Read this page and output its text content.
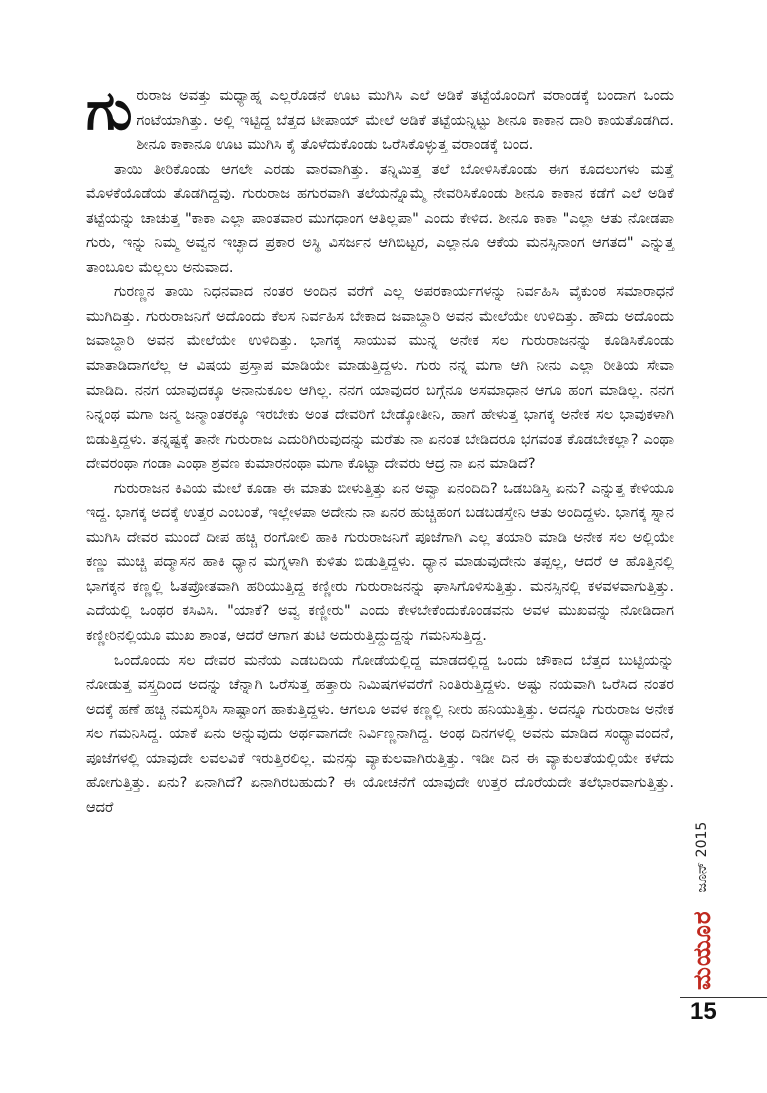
ಗುರುರಾಜ ಅವತ್ತು ಮಧ್ಯಾಹ್ನ ಎಲ್ಲರೊಡನೆ ಊಟ ಮುಗಿಸಿ ಎಲೆ ಅಡಿಕೆ ತಟ್ಟೆಯೊಂದಿಗೆ ವರಾಂಡಕ್ಕೆ ಬಂದಾಗ ಒಂದು ಗಂಟೆಯಾಗಿತ್ತು. ಅಲ್ಲಿ ಇಟ್ಟಿದ್ದ ಬೆತ್ತದ ಟೀಪಾಯ್ ಮೇಲೆ ಅಡಿಕೆ ತಟ್ಟೆಯನ್ನಿಟ್ಟು ಶೀನೂ ಕಾಕಾನ ದಾರಿ ಕಾಯತೊಡಗಿದ. ಶೀನೂ ಕಾಕಾನೂ ಊಟ ಮುಗಿಸಿ ಕೈ ತೊಳೆದುಕೊಂಡು ಒರೆಸಿಕೊಳ್ಳುತ್ತ ವರಾಂಡಕ್ಕೆ ಬಂದ.

ತಾಯಿ ತೀರಿಕೊಂಡು ಆಗಲೇ ಎರಡು ವಾರವಾಗಿತ್ತು. ತನ್ನಿಮಿತ್ತ ತಲೆ ಬೋಳಿಸಿಕೊಂಡು ಈಗ ಕೂದಲುಗಳು ಮತ್ತೆ ಮೊಳಕೆಯೊಡೆಯ ತೊಡಗಿದ್ದವು. ಗುರುರಾಜ ಹಗುರವಾಗಿ ತಲೆಯನ್ನೊಮ್ಮೆ ನೇವರಿಸಿಕೊಂಡು ಶೀನೂ ಕಾಕಾನ ಕಡೆಗೆ ಎಲೆ ಅಡಿಕೆ ತಟ್ಟೆಯನ್ನು ಚಾಚುತ್ತ "ಕಾಕಾ ಎಲ್ಲಾ ಪಾಂತವಾರ ಮುಗಧಾಂಗ ಆತಿಲ್ಲಪಾ" ಎಂದು ಕೇಳಿದ. ಶೀನೂ ಕಾಕಾ "ಎಲ್ಲಾ ಆತು ನೋಡಪಾ ಗುರು, ಇನ್ನು ನಿಮ್ಮ ಅವ್ವನ ಇಚ್ಛಾದ ಪ್ರಕಾರ ಅಸ್ಥಿ ವಿಸರ್ಜನ ಆಗಿಬಿಟ್ಟರ, ಎಲ್ಲಾನೂ ಆಕೆಯ ಮನಸ್ಸಿನಾಂಗ ಆಗತದ" ಎನ್ನುತ್ತ ತಾಂಬೂಲ ಮೆಲ್ಲಲು ಅನುವಾದ.

ಗುರಣ್ಣನ ತಾಯಿ ನಿಧನವಾದ ನಂತರ ಅಂದಿನ ವರೆಗೆ ಎಲ್ಲ ಅಪರಕಾರ್ಯಗಳನ್ನು ನಿರ್ವಹಿಸಿ ವೈಕುಂಠ ಸಮಾರಾಧನೆ ಮುಗಿದಿತ್ತು. ಗುರುರಾಜನಿಗೆ ಅದೊಂದು ಕೆಲಸ ನಿರ್ವಹಿಸ ಬೇಕಾದ ಜವಾಬ್ದಾರಿ ಅವನ ಮೇಲೆಯೇ ಉಳಿದಿತ್ತು. ಹೌದು ಅದೊಂದು ಜವಾಬ್ದಾರಿ ಅವನ ಮೇಲೆಯೇ ಉಳಿದಿತ್ತು. ಭಾಗಕ್ಕ ಸಾಯುವ ಮುನ್ನ ಅನೇಕ ಸಲ ಗುರುರಾಜನನ್ನು ಕೂಡಿಸಿಕೊಂಡು ಮಾತಾಡಿದಾಗಲೆಲ್ಲ ಆ ವಿಷಯ ಪ್ರಸ್ತಾಪ ಮಾಡಿಯೇ ಮಾಡುತ್ತಿದ್ದಳು. ಗುರು ನನ್ನ ಮಗಾ ಆಗಿ ನೀನು ಎಲ್ಲಾ ರೀತಿಯ ಸೇವಾ ಮಾಡಿದಿ. ನನಗ ಯಾವುದಕ್ಕೂ ಅನಾನುಕೂಲ ಆಗಿಲ್ಲ. ನನಗ ಯಾವುದರ ಬಗ್ಗೆನೂ ಅಸಮಾಧಾನ ಆಗೂ ಹಂಗ ಮಾಡಿಲ್ಲ. ನನಗ ನಿನ್ನಂಥ ಮಗಾ ಜನ್ಮ ಜನ್ಮಾಂತರಕ್ಕೂ ಇರಬೇಕು ಅಂತ ದೇವರಿಗೆ ಬೇಡ್ಕೋತೀನಿ, ಹಾಗೆ ಹೇಳುತ್ತ ಭಾಗಕ್ಕ ಅನೇಕ ಸಲ ಭಾವುಕಳಾಗಿ ಬಿಡುತ್ತಿದ್ದಳು. ತನ್ನಷ್ಟಕ್ಕೆ ತಾನೇ ಗುರುರಾಜ ಎದುರಿಗಿರುವುದನ್ನು ಮರೆತು ನಾ ಏನಂತ ಬೇಡಿದರೂ ಭಗವಂತ ಕೊಡಬೇಕಲ್ಲಾ? ಎಂಥಾ ದೇವರಂಥಾ ಗಂಡಾ ಎಂಥಾ ಶ್ರವಣ ಕುಮಾರನಂಥಾ ಮಗಾ ಕೊಟ್ಟಾ ದೇವರು ಆದ್ರ ನಾ ಏನ ಮಾಡಿದೆ?

ಗುರುರಾಜನ ಕಿವಿಯ ಮೇಲೆ ಕೂಡಾ ಈ ಮಾತು ಬೀಳುತ್ತಿತ್ತು ಏನ ಅವ್ವಾ ಏನಂದಿದಿ? ಒಡಬಡಿಸ್ತಿ ಏನು? ಎನ್ನುತ್ತ ಕೇಳಿಯೂ ಇದ್ದ. ಭಾಗಕ್ಕ ಅದಕ್ಕೆ ಉತ್ತರ ಎಂಬಂತೆ, ಇಲ್ಲೇಳಪಾ ಅದೇನು ನಾ ಏನರ ಹುಚ್ಚಿಹಂಗ ಬಡಬಡಸ್ತೇನಿ ಆತು ಅಂದಿದ್ದಳು. ಭಾಗಕ್ಕ ಸ್ನಾನ ಮುಗಿಸಿ ದೇವರ ಮುಂದೆ ದೀಪ ಹಚ್ಚಿ ರಂಗೋಲಿ ಹಾಕಿ ಗುರುರಾಜನಿಗೆ ಪೂಜೆಗಾಗಿ ಎಲ್ಲ ತಯಾರಿ ಮಾಡಿ ಅನೇಕ ಸಲ ಅಲ್ಲಿಯೇ ಕಣ್ಣು ಮುಚ್ಚಿ ಪದ್ಮಾಸನ ಹಾಕಿ ಧ್ಯಾನ ಮಗ್ನಳಾಗಿ ಕುಳಿತು ಬಿಡುತ್ತಿದ್ದಳು. ಧ್ಯಾನ ಮಾಡುವುದೇನು ತಪ್ಪಲ್ಲ, ಆದರೆ ಆ ಹೊತ್ತಿನಲ್ಲಿ ಭಾಗಕ್ಕನ ಕಣ್ಣಲ್ಲಿ ಓತಪ್ರೋತವಾಗಿ ಹರಿಯುತ್ತಿದ್ದ ಕಣ್ಣೀರು ಗುರುರಾಜನನ್ನು ಘಾಸಿಗೊಳಿಸುತ್ತಿತ್ತು. ಮನಸ್ಸಿನಲ್ಲಿ ಕಳವಳವಾಗುತ್ತಿತ್ತು. ಎದೆಯಲ್ಲಿ ಒಂಥರ ಕಸಿವಿಸಿ. "ಯಾಕೆ? ಅವ್ವ ಕಣ್ಣೀರು" ಎಂದು ಕೇಳಬೇಕೆಂದುಕೊಂಡವನು ಅವಳ ಮುಖವನ್ನು ನೋಡಿದಾಗ ಕಣ್ಣೀರಿನಲ್ಲಿಯೂ ಮುಖ ಶಾಂತ, ಆದರೆ ಆಗಾಗ ತುಟಿ ಅದುರುತ್ತಿದ್ದುದ್ದನ್ನು ಗಮನಿಸುತ್ತಿದ್ದ.

ಒಂದೊಂದು ಸಲ ದೇವರ ಮನೆಯ ಎಡಬದಿಯ ಗೋಡೆಯಲ್ಲಿದ್ದ ಮಾಡದಲ್ಲಿದ್ದ ಒಂದು ಚೌಕಾದ ಬೆತ್ತದ ಬುಟ್ಟಿಯನ್ನು ನೋಡುತ್ತ ವಸ್ತ್ರದಿಂದ ಅದನ್ನು ಚೆನ್ನಾಗಿ ಒರೆಸುತ್ತ ಹತ್ತಾರು ನಿಮಿಷಗಳವರೆಗೆ ನಿಂತಿರುತ್ತಿದ್ದಳು. ಅಷ್ಟು ನಯವಾಗಿ ಒರೆಸಿದ ನಂತರ ಅದಕ್ಕೆ ಹಣೆ ಹಚ್ಚಿ ನಮಸ್ಕರಿಸಿ ಸಾಷ್ಟಾಂಗ ಹಾಕುತ್ತಿದ್ದಳು. ಆಗಲೂ ಅವಳ ಕಣ್ಣಲ್ಲಿ ನೀರು ಹನಿಯುತ್ತಿತ್ತು. ಅದನ್ನೂ ಗುರುರಾಜ ಅನೇಕ ಸಲ ಗಮನಿಸಿದ್ದ. ಯಾಕೆ ಏನು ಅನ್ನುವುದು ಅರ್ಥವಾಗದೇ ನಿರ್ವಿಣ್ಣನಾಗಿದ್ದ. ಅಂಥ ದಿನಗಳಲ್ಲಿ ಅವನು ಮಾಡಿದ ಸಂಧ್ಯಾವಂದನೆ, ಪೂಜೆಗಳಲ್ಲಿ ಯಾವುದೇ ಲವಲವಿಕೆ ಇರುತ್ತಿರಲಿಲ್ಲ. ಮನಸ್ಸು ವ್ಯಾಕುಲವಾಗಿರುತ್ತಿತ್ತು. ಇಡೀ ದಿನ ಈ ವ್ಯಾಕುಲತೆಯಲ್ಲಿಯೇ ಕಳೆದು ಹೋಗುತ್ತಿತ್ತು. ಏನು? ಏನಾಗಿದೆ? ಏನಾಗಿರಬಹುದು? ಈ ಯೋಚನೆಗೆ ಯಾವುದೇ ಉತ್ತರ ದೊರೆಯದೇ ತಲೆಭಾರವಾಗುತ್ತಿತ್ತು. ಆದರೆ

ಮಯೂರ
ಜೂನ್ 2015
15
